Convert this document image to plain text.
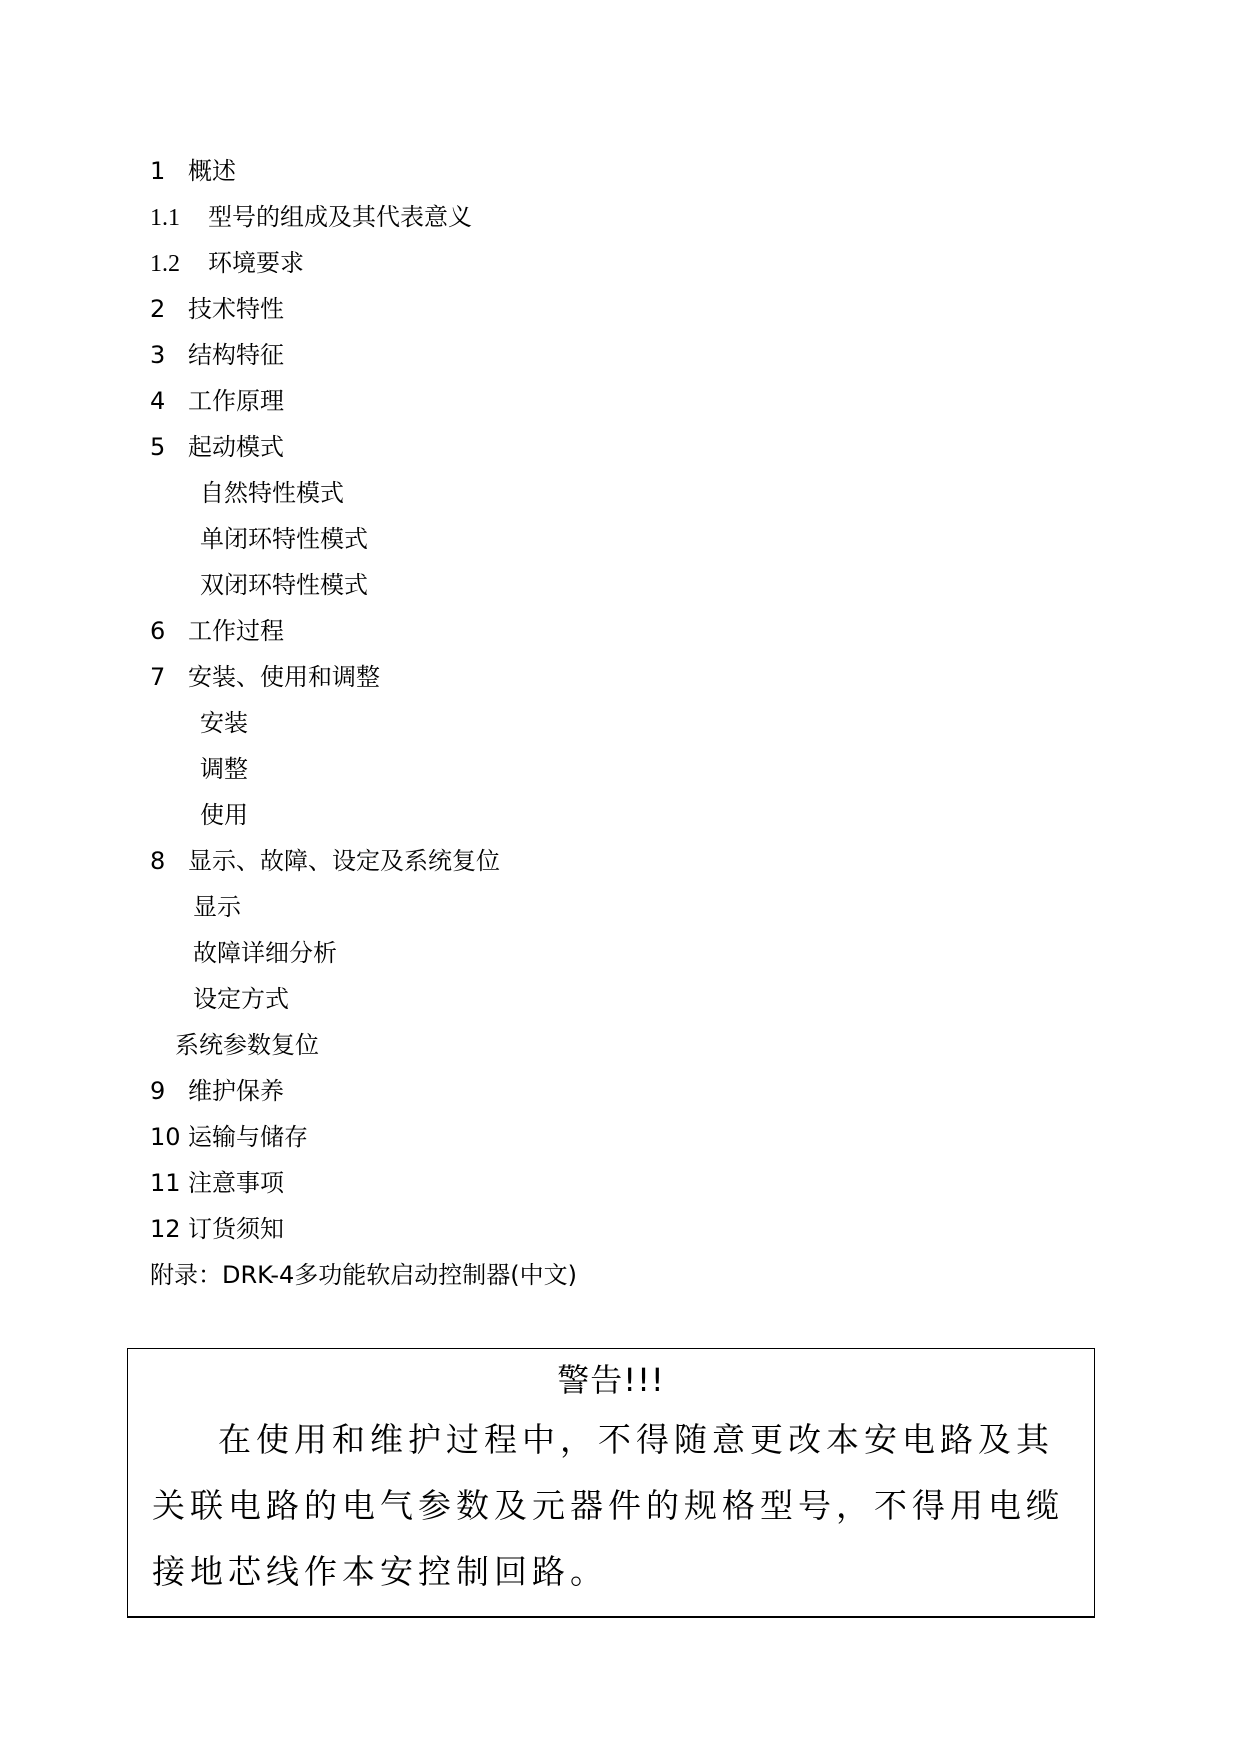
1 概述
1.1 型号的组成及其代表意义
1.2 环境要求
2 技术特性
3 结构特征
4 工作原理
5 起动模式
自然特性模式
单闭环特性模式
双闭环特性模式
6 工作过程
7 安装、使用和调整
安装
调整
使用
8 显示、故障、设定及系统复位
显示
故障详细分析
设定方式
系统参数复位
9 维护保养
10 运输与储存
11 注意事项
12 订货须知
附录：DRK-4多功能软启动控制器(中文)
警告!!!
在使用和维护过程中，不得随意更改本安电路及其关联电路的电气参数及元器件的规格型号，不得用电缆接地芯线作本安控制回路。
